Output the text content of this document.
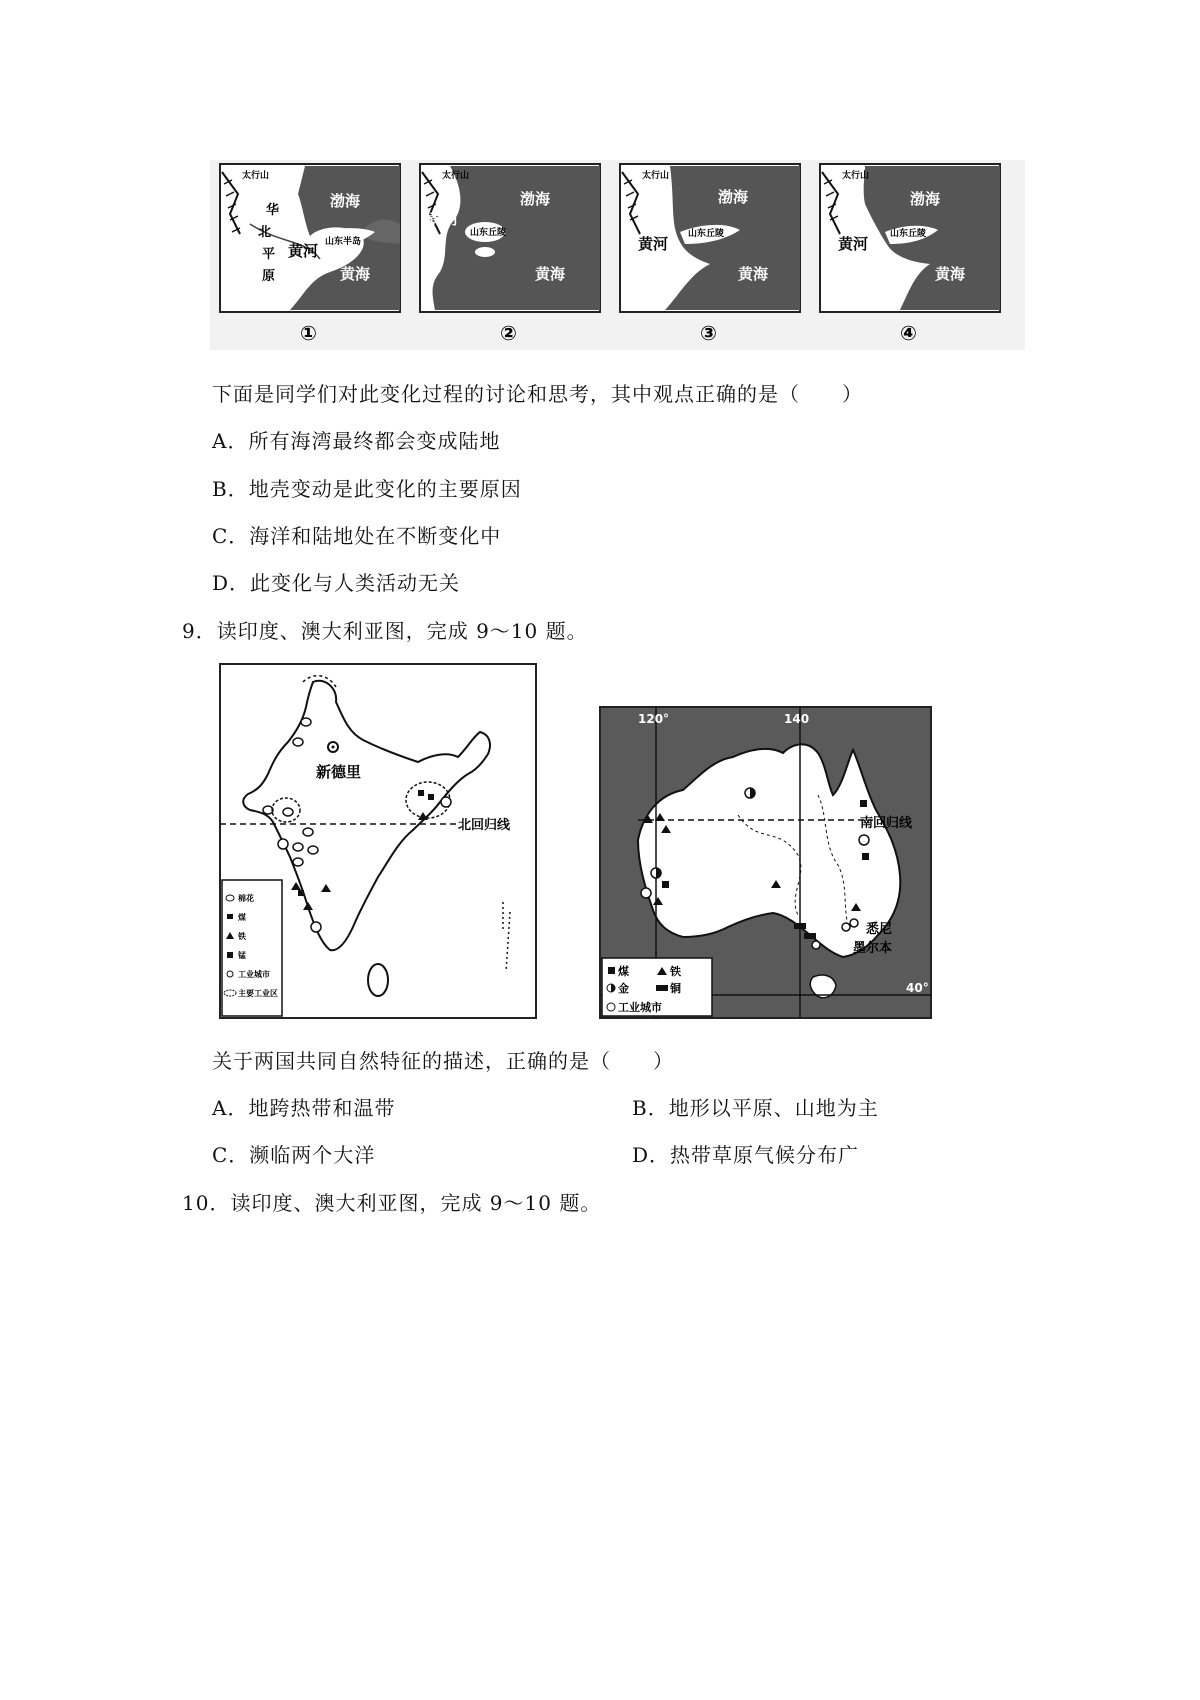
太行山
华
北
平
原
渤海
黄河 山东半岛
黄海
太行山
渤海
黄河
山东丘陵
黄海
太行山
渤海
黄河
山东丘陵
黄海
太行山
渤海
黄河
山东丘陵
黄海
①	②	③	④
下面是同学们对此变化过程的讨论和思考，其中观点正确的是（　　）
A．所有海湾最终都会变成陆地
B．地壳变动是此变化的主要原因
C．海洋和陆地处在不断变化中
D．此变化与人类活动无关
9．读印度、澳大利亚图，完成 9～10 题。
新德里
北回归线
棉花
煤
铁
锰
工业城市
主要工业区
120°	140
南回归线
悉尼
墨尔本
40°
煤	铁
金	铜
工业城市
关于两国共同自然特征的描述，正确的是（　　）
A．地跨热带和温带	B．地形以平原、山地为主
C．濒临两个大洋	D．热带草原气候分布广
10．读印度、澳大利亚图，完成 9～10 题。
